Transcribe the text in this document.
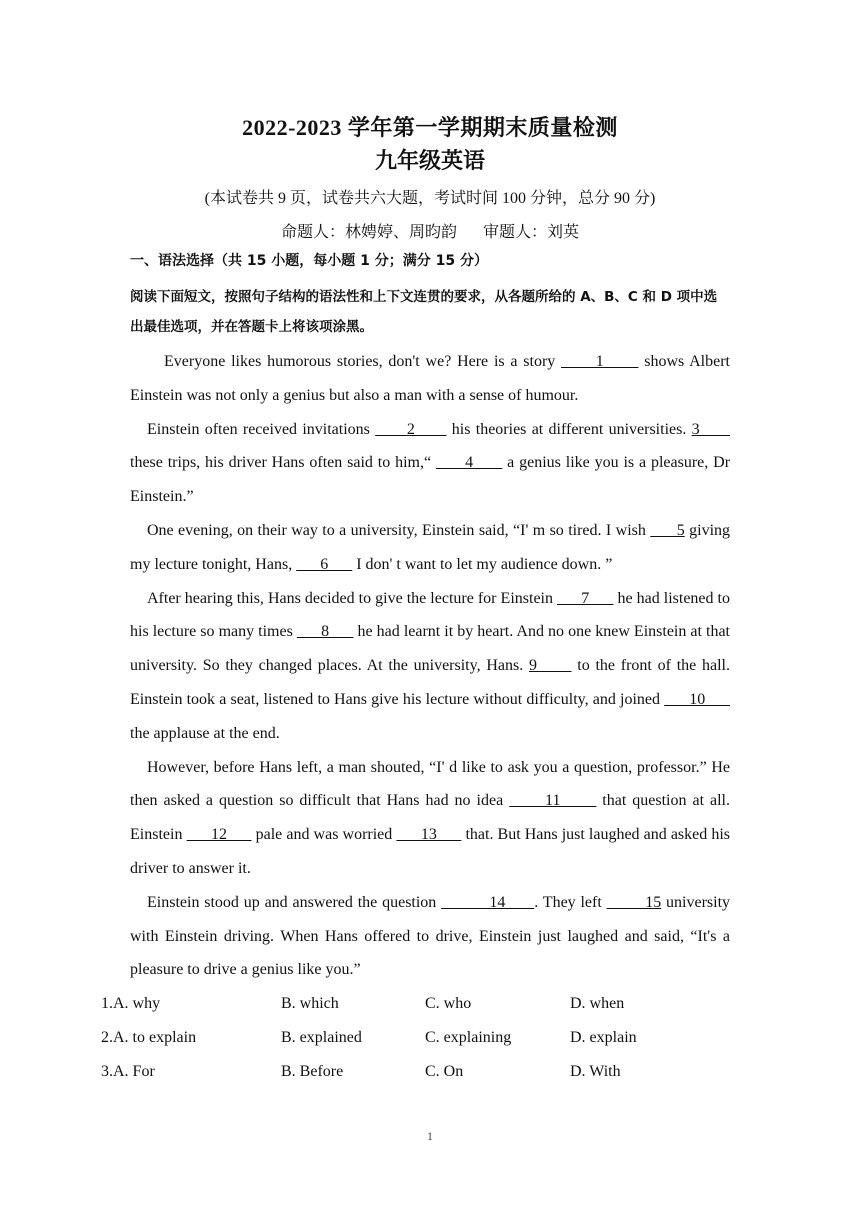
2022-2023 学年第一学期期末质量检测
九年级英语
(本试卷共 9 页，试卷共六大题，考试时间 100 分钟，总分 90 分)
命题人：林娉婷、周昀韵 审题人：刘英
一、语法选择（共 15 小题，每小题 1 分；满分 15 分）
阅读下面短文，按照句子结构的语法性和上下文连贯的要求，从各题所给的 A、B、C 和 D 项中选出最佳选项，并在答题卡上将该项涂黑。

Everyone likes humorous stories, don't we? Here is a story       1       shows Albert Einstein was not only a genius but also a man with a sense of humour.

Einstein often received invitations       2       his theories at different universities. 3       these trips, his driver Hans often said to him,“       4       a genius like you is a pleasure, Dr Einstein.”

One evening, on their way to a university, Einstein said, “I' m so tired. I wish       5 giving my lecture tonight, Hans,       6       I don' t want to let my audience down. ”

After hearing this, Hans decided to give the lecture for Einstein       7       he had listened to his lecture so many times       8       he had learnt it by heart. And no one knew Einstein at that university. So they changed places. At the university, Hans. 9       to the front of the hall. Einstein took a seat, listened to Hans give his lecture without difficulty, and joined       10       the applause at the end.

However, before Hans left, a man shouted, “I' d like to ask you a question, professor.” He then asked a question so difficult that Hans had no idea       11       that question at all. Einstein       12       pale and was worried       13       that. But Hans just laughed and asked his driver to answer it.

Einstein stood up and answered the question           14      . They left         15 university with Einstein driving. When Hans offered to drive, Einstein just laughed and said, “It's a pleasure to drive a genius like you.”

1.A. why	B. which	C. who	D. when
2.A. to explain	B. explained	C. explaining	D. explain
3.A. For	B. Before	C. On	D. With
1
